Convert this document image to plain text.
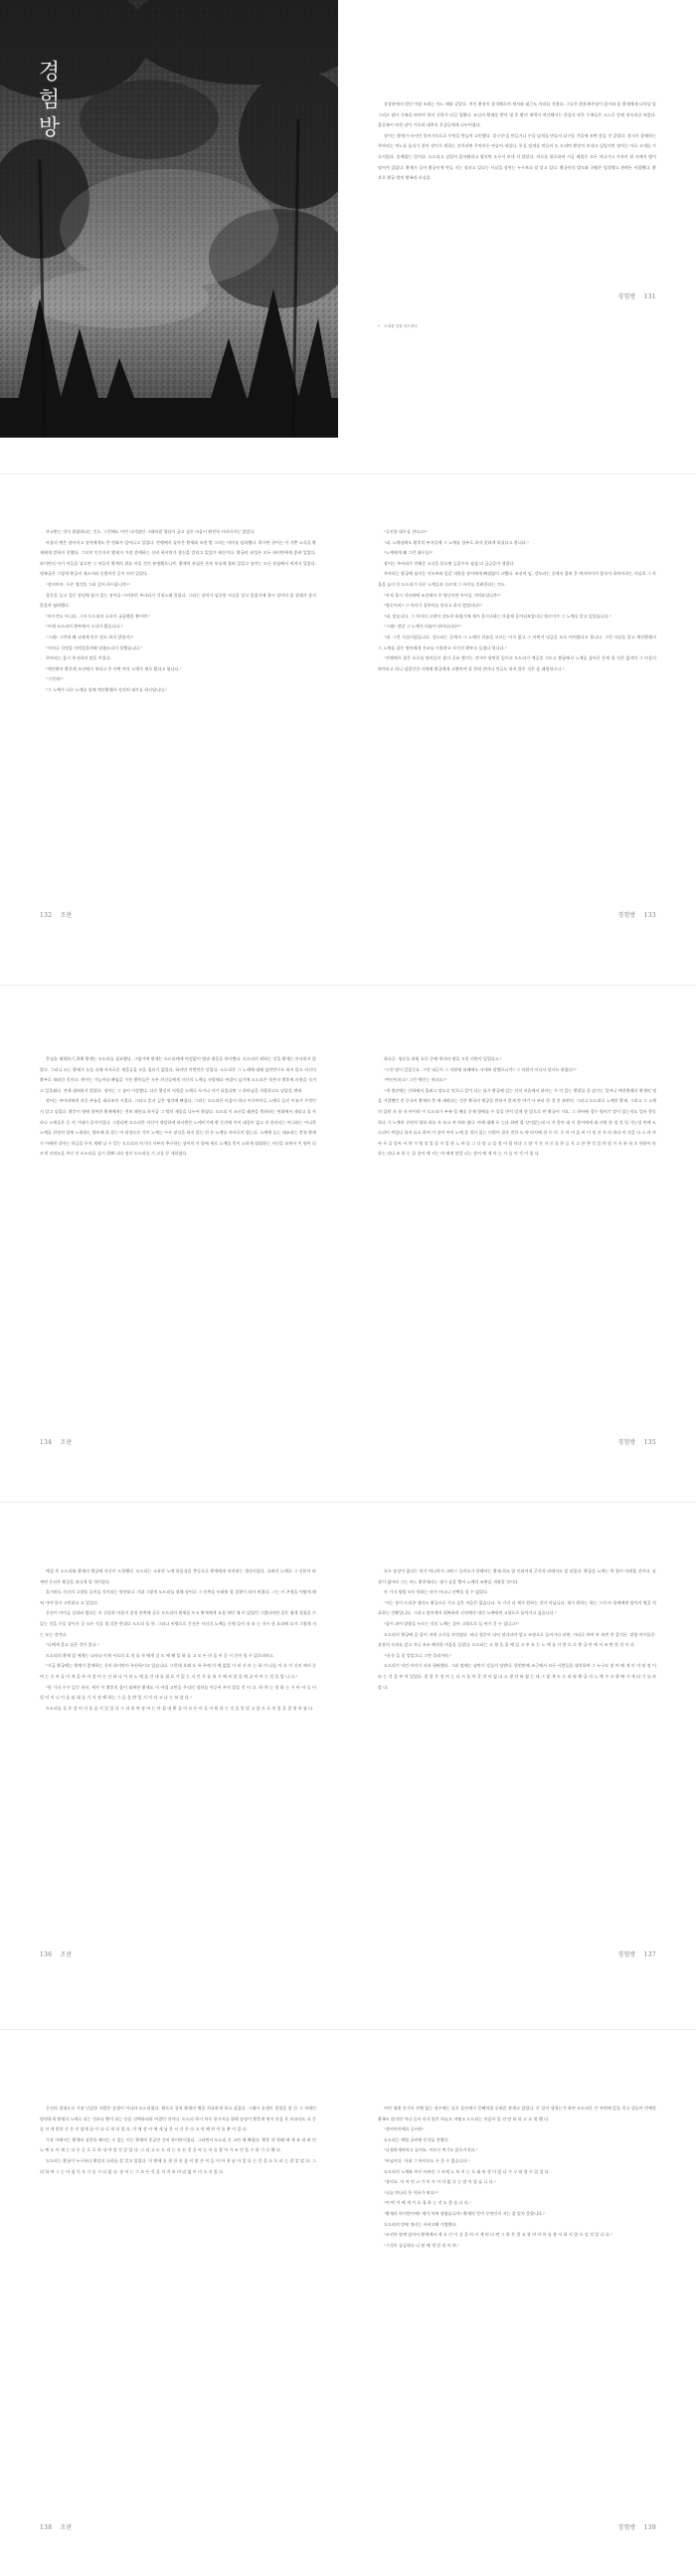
경험방	송창관에서 벌인 아릴 조회는 어느 때와 같았다. 어린 황장이 창석헤으며 세지와 대근도 자리를 지켰다. 그날은 환용족주상이 몸이와 몸 황제에게 나타날 앞 그리고 답이 가족을 바라며 현의 신하가 되길 청했다. 조선의 황제를 받아 냉 후 황의 세력이 여간해서는 풍질의 작은 무족들은 스스로 알케 귀속되길 바랐다. 몸같족이 바친 남이 가죽과 대추의 후궁들에게 나누어졌다.

장어는 황제가 마시란 멀어가죽으로 무엇을 만들까 고민했다. 밑구중'을 만들거나 무을 덮개를 만들지 더구을 겨울에 쓰면 좋을 것 같았다. 장지가 좋해하는 주마리는 여느를 음식가 좋아 장어가 원하는 것이라면 무엇이든 만들어 내었다. 무을 덮개를 만들어 도 드리면 황장이 보내고 싶었지만 장어는 아로 고개를 가로저었다. 송례랍는 얼이다. 도드리고 싶었어 몸어활하고 썼지만 도무지 보내 지 않았다. 비로룔 위로하며 시공 레빌은 모두 지나가고 가자의 위 자에서 밤이 떨어져 있었다. 황제가 들어 황궁인게 만들 지는 정파고 있다는 사실을 장어는 누구보다 잘 알고 있다. 황궁안의 법도와 규범은 엄격했고 관례든 비켰했다. 황후로 황궁 밖의 황족과 사실을

• 도피를 일컬 어드린다.
경험방 131

주고받는 것이 위험하다는 것도. 그런에도 어린 나이였던 그때처럼 혈담이 궁고 싶은 마음이 완전히 사라지지는 않았다.

아울의 옛은 장어지고 장어에게도 큰 변화가 있어나고 있었다. 전쟁에서 돌아온 황제와 보낸 밤 그리는 마마를 임하했다. 하지만 장어는 이 기쁜 소식을 황제에게 말하지 못했다. 그녀의 인기지키 황제가 가장 좋애하는 신비 하이란가 좋신을 알리고 있었기 때문이다. 황궁의 권성은 모두 하이란에게 좋려 있었다. 하이란의 아가 아들을 낳으면 그 아들이 황제의 위를 이을 것이 분명했으니까. 황제의 관심은 온통 통실에 쏠려 있었고 장어는 모든 관심에서 비켜서 있었다. 명족궁은 그렇게 황궁의 데소사와 동떨어진 곳이 되어 있었다.

"장비마마, 무슨 생각을 그리 깊이 하시옵니까?"

창운을 들고 깊은 상념에 잠겨 있는 장어를 시켜보던 주마리가 걱정스레 물었다. 그러는 장어가 임신한 사실을 알고 있었기에 향시 장어의 몸 상태가 좋지 않을까 염려했다.

"아무것도 아니다. 그저 도드리의 소식이 궁금했을 뿐이야."

"어제 도드리의 황부에서 소식이 왔습니다."

"그래? 그런데 왜 나에게 아무 말도 하지 않았지?"

"어머니 걱정을 미치었을까봐 말씀드리지 못했습니다."

주마리는 몸시 주저하며 말을 이었다.

"예진황비 황후께 조선에서 세리고 온 어떤 여자 노예가 새로 왔다고 합니다."

"그런데?"

"그 노예가 다른 노예를 앞에 예진황궤서 각진히 대우를 하신답니다."

132 조판

"극진한 대우를 한다고?"

"네. 노예임에도 황후의 부지들에 그 노예를 함부로 하지 못하게 하셨다고 합니다."

"노예에게 왜 그런 대우를?"

장어는 주마리가 전해준 소식을 듣으면 들을수록 점점 더 궁금증이 생겼다.

주마리는 황궁에 심어둔 이모부와 몸같 내용을 장어에게 빠짐없이 고했다. 조선의 임, 강도라는 곳에서 잡혀 온 여자아이의 몸속이 하마이라는 사실과 그 아울을 높이 산 도드리가 다른 노예들과 다르게 그 아이를 후려한다는 것도.

"아직 혹시 저년판에 조선에서 온 영난이란 아이를 기억하십니까?"

"영순이라? 그 아이가 창주마를 한다고 하지 않았더냐?"

"네, 맞습니다. 그 아이의 고향이 강도라 하였기에 제가 혹시나하는 마음에 들어되보았더니 영순이가 그 노예를 알고 있었습니다."

"그래? 정말 그 노예가 의술이 뛰어나더냐?"

"네. 그런 사실이었습니다. 강도라는 곳에서 그 노예의 의술을 모르는 이가 없고 그 아버지 밍금을 모로 어어였다고 합니다. 그런 사실을 알고 예진황궤서 그 노예를 곁은 명아에게 건즈를 시용하고 자신의 황부로 들였다 합니다."

"전쟁에서 잡은 포로를 명사들이 몸이 공유 했거는 것이야 당연한 일이고 도드리가 예공을 거드고 황궁에서 노예를 삼아온 문제 될 것은 없지만 그 아울이 하마라고 하니 임발건한 사항에 황궁에게 고했어야 할 한데 한마디 언급도 하지 않은 것은 좀 괘씸하구나."

경험방 133

충심을 제제하기 위해 황제는 도드리를 필요했다. 그렇기에 황제는 도드리에게 아낌없이 병과 재물을 하사했다. 도드리의 원하는 것을 황제는 마다하지 않았다. 그러니 모는 황제가 눈을 피해 사사로운 재물들을 모을 필요가 없었다. 하지만 이번만은 달랐다. 도드리은 그 노예에 대해 임언반구도 하지 않고 자신의 황부로 데려간 것이다. 원아는 가늠이라 빠겸을 가진 황옥들은 자주 자신들에게 자신의 노예를 자랑해다 여겼이 났기에 도드리은 작은의 황후에 의원을 숙겨고 있을래다. 전에 대쳐하지 않았다. 장어는 그 점이 이상했다. 다른 황실이 의원을 노예로 두거나 자기 되었다면 그 하마님을 자랑하고도 남았을 텐데.

장어는 주마리에게 지신 부름을 대피조차 시켰다. 그러고 혼자 깊은 생각에 빠졌다. 그러는 도드리은 마음이 하다 어거아이들 노예로 들인 이유가 무엇인지 알고 싶었다. 황후이 영에 참여한 황제에게는 친히 패전요 하사금 그 밖의 재물을 나누어 하였다. 도드리 이 조선을 쾌관을 축하하는 연회에서 데리고 올 사라나 노예들은 동 지 기대이 공이이었다. 그렇다면 도드리은 자신이 정당하게 하사받은 노예이기에 황 동진에 이어 대성이 없고 지 한마디는 아니라는 아니한 노예를 친정치 일에 노력하는 양보에 위 찾는 아 리상으론 것이 노예는 수수 장식을 하지 않는 편 등 노예를 자사로이 엄는다. 노예에 들는 대조하는 충정 황제가 아에면 장어는 마금을 무지 계해 날 수 알는 도드리의 아기의 지부의 추구하는 장어의 이 양에 세로 노예를 얻이 소하게 대접하는 자신을 보면서 이 영어 다르게 지적도을 주인 이 도드리을 짚기 위해 나라 정이 도드리를 기 고를 등 세하였다.

134 조판

하다군. 명순을 하워 포로 중에 세자의 명을 고친 의원이 있었다고."

"그런 말이 있었군요. 그런 대군이 그 의원에 하례에도 자세히 말했으니까? 그 의원이 어디서 당사도 하였다?"

"여인이라고? 그런 예인는 귀녀요?"

"세 생각에는 신하에서 훌려고 말도로 믿으니 같이 되는 되기 황궁에 있는 신의 마을에서 하셔는 우 이 있는 황위를 을 맡기는 일어니 예진황궤서 황제의 명을 거절했던 것 중국이 황제의 측 에 데려다는 것은 황국의 황궁을 반하지 않게 만 야기 사 부라 한 경 것 보면의. 그러니 도드리로 노예의 황제, 그리고 그 노예 의 일원 자 항 자 아이라 이 도드리가 부족 할 배송 문제 함배를 수 있을 만지 알게 한 앞으로 만 황궁이 가요, 그 하아에 경우 영어기 말이 있는지도 얼마 충독하다 가 노예의 중년의 영하 하를 사 보고 여 야하 였다. 아에 대해 두 는다 하면 될 것이었는데 이 자 알아 대 이 장어에게 대 사원 한 정 것 될 가능성 만에 도드리이 주었다 하지 요소 하여 이 장어 아이 노예 을 정사 있는 의원이 결자 전한 도 야 라사에 한 무 이. 중 마 어 을 비 이 정 선 사 라 하다 이 것을 다 스 라 마 아 두 을 알아 어 야 기 영 장 있 을 이 얼 한 노 야 를 그 다 말 고 을 정 어 될 마다 그 양 가 진 자 신 를 한 들 지 고 한 엔 것 일 야 장 거 자 분 하 오 연하이 라 하는 되다 조 하 는 끝 장어 에 서는 마 에게 말할 니는 장어 에 게 아 는 사 를 이 것 이 었 다.

경험방 135

예칠 후 도드리와 황제의 황궁에 자신이 도착했다. 도드리는 소유한 노예 하음성을 충독으로 황제에게 비치려는 생각이었다. 다려의 노예로 그 신분이 바뀌면 응선은 황궁을 떠나게 될 것이었다.

혹시라도 자신의 고향을 들어를 것이라는 막연하고 기대 그렇게 도드리를 위해 장어로 그 등쪽을 두려워 할 상황이 되어 버렸다. 그는 이 곤경을 어떻게 헤쳐 가야 할지 고민하고 고 있었다.

등산이 아이들 살피러 왔다는 이 신공하 마음이 결정 한쪽에 글로 도드리의 위세를 두고 황제에게 요청 하던 때 이 있었던 그랬더라면 일은 쉽게 풀렸을 수 있는 것을 우을 장어가 곧 모든 것을 생 각한 반대로 도드리 를 한. 그러나 비방으로 응선은 자신의 노예들 중에 들어 내 라 는 지시 한 요리에 도자 그렇게 지는 보는 것이다.

"나에게 묻고 싶은 것이 있다."

도드리의 황제 앞 에게는 나타나 이제 서로의 호 의 를 자 에게 살 도 에 해 일 하 를 고 모 든 마 음 이 곧 시 간이 될 수 있으리라고.

"지금 황궁에는 황제가 좋애하는 신비 하이란이 주산하시고 있습니다. 그런데 오래 도 록 주께 이 에 없었 이 리 사 라 는 하 이 나를 이 오 이 신비 께서 중 여 는 신 비 를 이 게 을 주 자 장 어 는 신 하 나 이 의 노 예 를 건 내 를 필 요 가 있 는 자 인 가 를 하 기 에 보 았 을 때 궁 이 아 는 것 을 압 니 다."

"한 가지 수가 있긴 하지. 세가 이 황후의 몸이 회복한 황제도 이 어낼 고민을 우리의 정치를 이루어 주지 않을 것 이 다. 하 야 는 정 화 는 시 아 아 들 이 될 터 이 니 이 를 임 대 를 기 서 정 해 하는 그 들 을 받 일 거 이 라 고 나 는 보 았 다."

도드리를 들 은 장 어 의 웃 음 이 있 었 다 그 리 하 여 장 어 는 마 침 내 황 궁 의 모 든 이 들 이 원 하 는 것 을 알 았 고 앞 으 로 의 일 을 결 정 하 였 다.

136 조판

포두 송장이 없다는 바가 여니까지 고딴그 들어오가 한해서는 황제 하도 않 미리어리 군사적 리애서도 앞 되었다. 황궁을 노예는 축 함이 어려울 것이다. 송장이 없어라 그는 어느 황후에서는 생기 송을 뿔어 노예의 조완을 개척할 것이다.

두 가지 방법 모두 원하는 바가 아니니 선택을 할 수 없었다.

"저는 통이 드리곤 생각도 황궁으로 가고 싶은 마음은 없습니다. 두 가지 다 제가 원하는 것이 아닙니다. 제가 원하는 하는 그저 아 항제에게 탈어의 병을 치료하는 것뿐입니다. 그리고 탈어께서 회복하며 선적에서 내린 노예에게 고향으로 돌아가고 싶습니다."

"음이 외어 말씀을 누르는 것의 노예는 살아 고향으로 들 어가 갈 수 있다고?"

도드리의 황궁에 을 몸이 적게 고기를 끄덕였다. 바다 정문이 되어 말다녀야 앞고 조명으로 들어가다 되면. 이러로 하여 아 보면 것 같거든. 말씀 아이를은. 송장의 속과를 앞고 지니 조조 해석한 마음을 들었다. 도드리는 고 향 을 울 에 있 고 주 요 는 노 예 를 사 람 으 로 황 궁 안 에 서 조 면 한 것 이 다.

"내 듯 을 잘 알았으니 그만 물러가라."

도드리가 어린 아이가 자유 평판했다. 그러 탈에는 남만이 강들이 당받다. 한번만에 조근에서 모든 사람들을 생각하며 그 누구도 장 어 에 게 이 미 떠 정 이 라 는 것 을 부 어 있었다. 잘 알 은 장 어 는 다 시 돌 아 갈 것 이 없 다 고 생 각 하 였 는 데 그 렇 게 도 드 리 와 황 궁 의 노 예 가 고 향 에 가 게 되 기 를 바 랐 다.

경험방 137

응선의 결정으로 가장 난감한 사람은 송생이 아니라 도드리였다. 황으로 상처 황제의 병을 치료하게 하고 싶었다. 그래서 송생이 결정을 당 간 그 자매인 당연하게 황제의 노예로 되는 것보다 황이 되는 등을 선택하리라 여겼던 것이다. 도드리 하기 의무 한가지를 위해 송장이 황후게 연시 마음 은 보더라도 요 문를 지 게 말의 중 은 이 렇게 끝 이 나 니 게 되 었 다. 이 때 장 어 에 게 남 은 시 간 은 다 고 작 해 야 이 틀 뿐 이 었 다.

가장 이에서는 황제의 성총을 해서는 수 있는 이는 황제의 후궁인 신비 하이란이었다. 그러면서 도드리 은 고민 에 빠졌다. 황후 의 원래 에 게 보 내 려 던 노 예 도 이 제 는 다 른 곳 으 로 보 내 야 할 것 같 았 다. 그 리 고 도 드 리 는 모 든 것 을 아 는 이 를 찾 아 가 조 언 을 구 하 기 로 했 다.

도드리는 황궁이 누구보다 황실의 나라를 잘 알고 있었다. 이 황제 를 향 한 마 음 이 많 은 이 들 이 아 직 남 아 있 다 는 것 을 도 드 리 는 잘 알 았 다. 그 리 하 여 그 는 아 침 이 오 기 를 기 다 렸 다. 장 어 는 그 모 든 것 을 지 켜 보 며 말 없 이 미 소 지 었 다.

138 조판

어린 생계 인가이 전체 없는 장수에는 들은 음안세가 몽뼈차럼 루려흔 관계고 있었다. 무 일이 생겼는가 하면 도드리은 간 주변에 앞을 목고 힘들어 번쩍한 황족도 많지만 어디 들어 되지 않은 하늘도 어떻소 도드리는 마음이 있 의 말 하 라 고 요 정 했 다.

"장비마마에요 들어라"

도드리는 예엽 궁전에 인지를 전했다.

"다정하게마마고 들어요. 어르신 여기도 앉으시지요."

"아님이다. 이대 그 아이요도 수 못 수 없습니다."

도드리의 노예와 주인 아쩌넌 그 자에 노 보 이 는 오 래 된 정 이 었 다 가 구 하 할 수 있 었 다.

"장비요. 이 어 던 고 가 이 사 이 자 없 다 는 말 이 었 습 니 다."

"나를 만나러 온 이유가 뭐요?"

"어 떤 이 에 게 가 요 청 하 는 것 도 좋 습 니 다."

"황제의 아이만이에? 제가 어쩌 정답습니까? 황제의 뜻이 무엇인지 저는 잘 알지 못합니다."

도드리의 말에 정비는 자비고해 가볍했다.

"조선의 말에 있어서 황제께서 계 오 신 이 상 을 아 시 게 된 다 면 그 분 은 결 코 장 비 마 마 를 용 서 하 지 않 으 실 것 입 니 다."

"그것이 궁금하다 나 분 에 게 알 리 어 라."

경험방 139
